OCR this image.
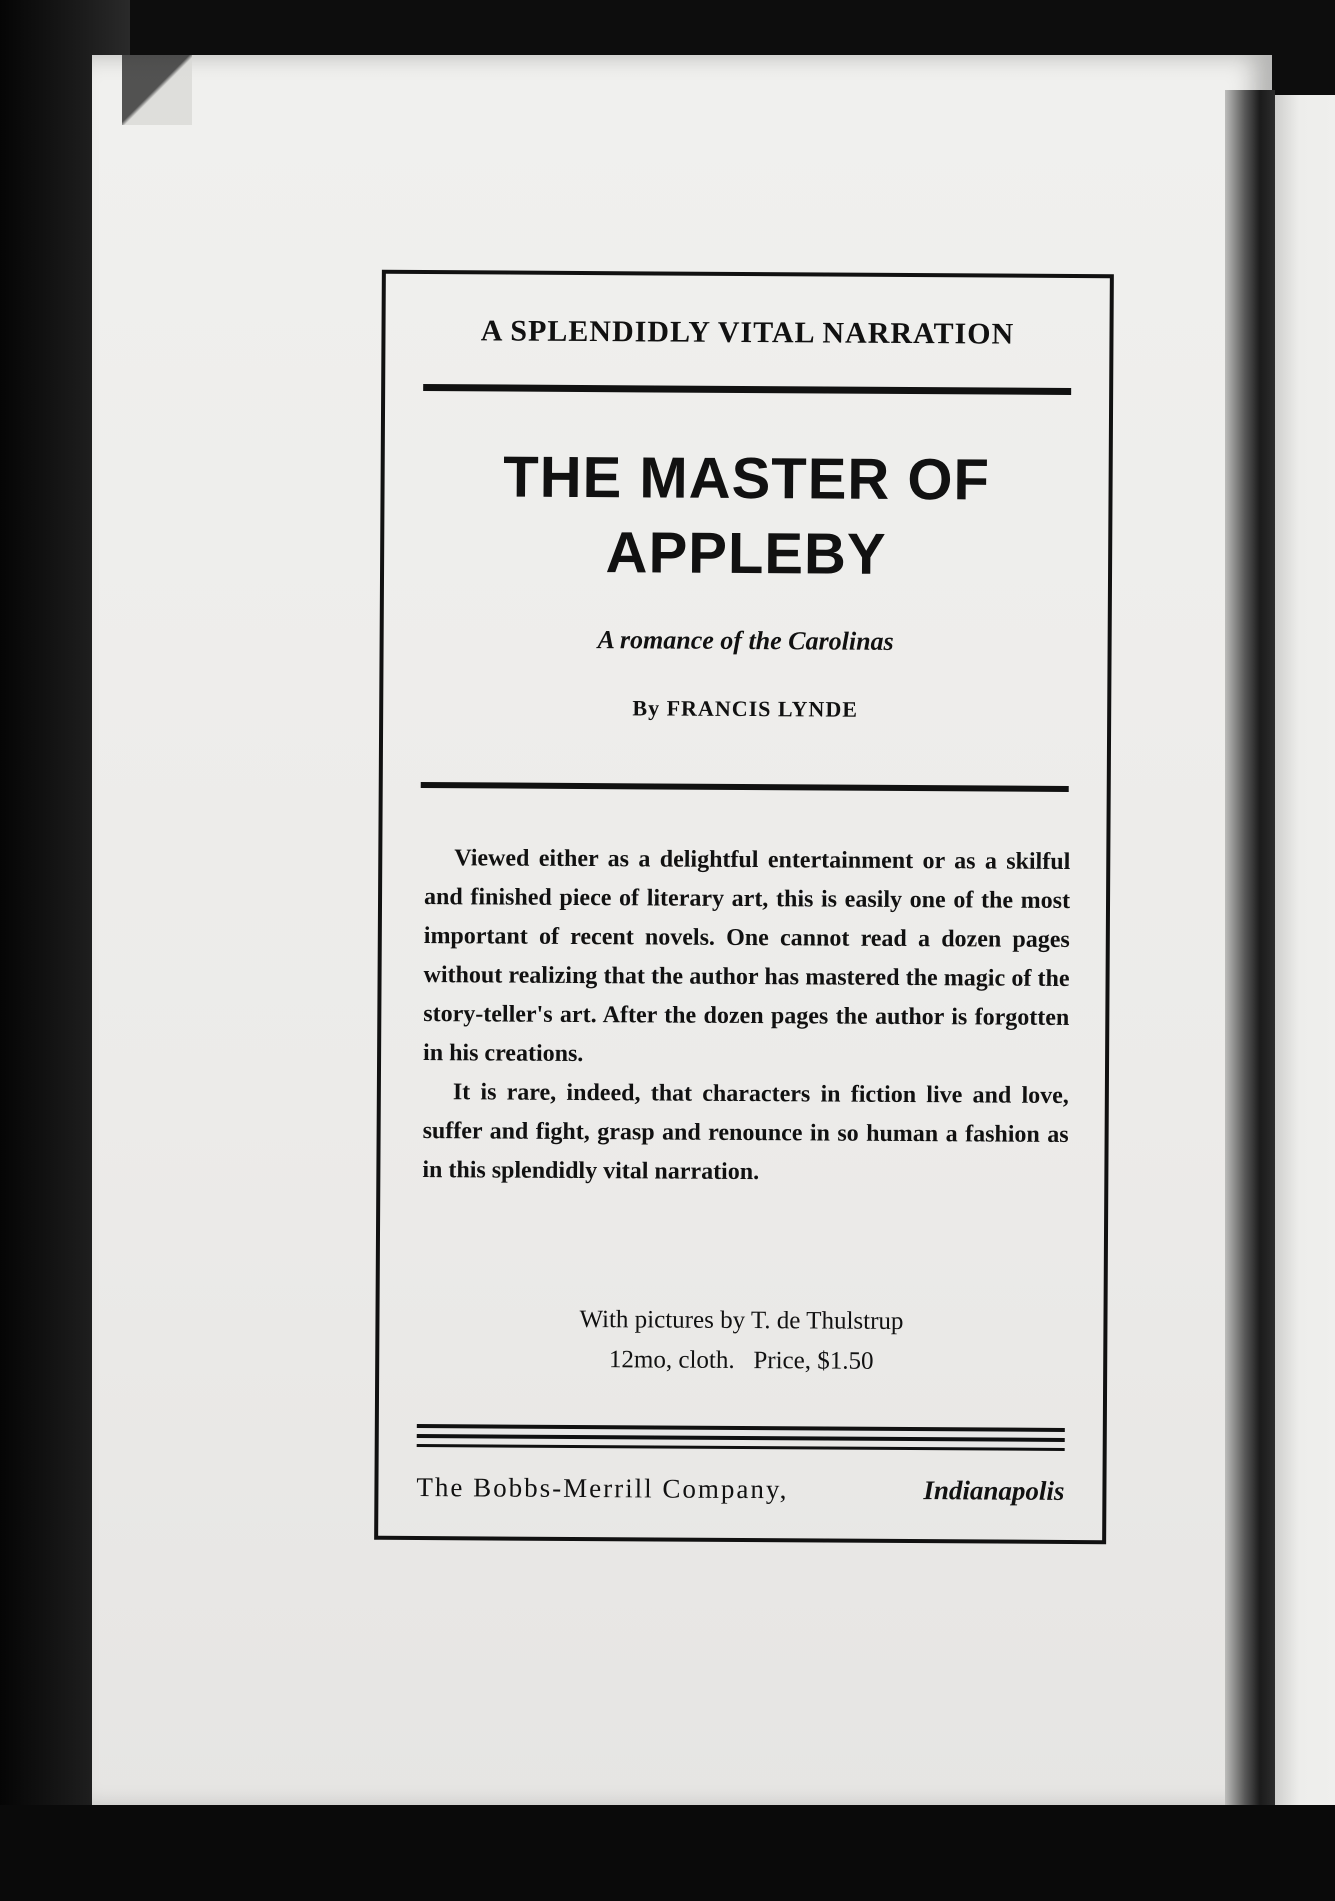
A SPLENDIDLY VITAL NARRATION
THE MASTER OF
APPLEBY
A romance of the Carolinas
By FRANCIS LYNDE

Viewed either as a delightful entertainment or as a skilful and finished piece of literary art, this is easily one of the most important of recent novels. One cannot read a dozen pages without realizing that the author has mastered the magic of the story-teller's art. After the dozen pages the author is forgotten in his creations.

It is rare, indeed, that characters in fiction live and love, suffer and fight, grasp and renounce in so human a fashion as in this splendidly vital narration.

With pictures by T. de Thulstrup
12mo, cloth.   Price, $1.50
The Bobbs-Merrill Company,	Indianapolis
